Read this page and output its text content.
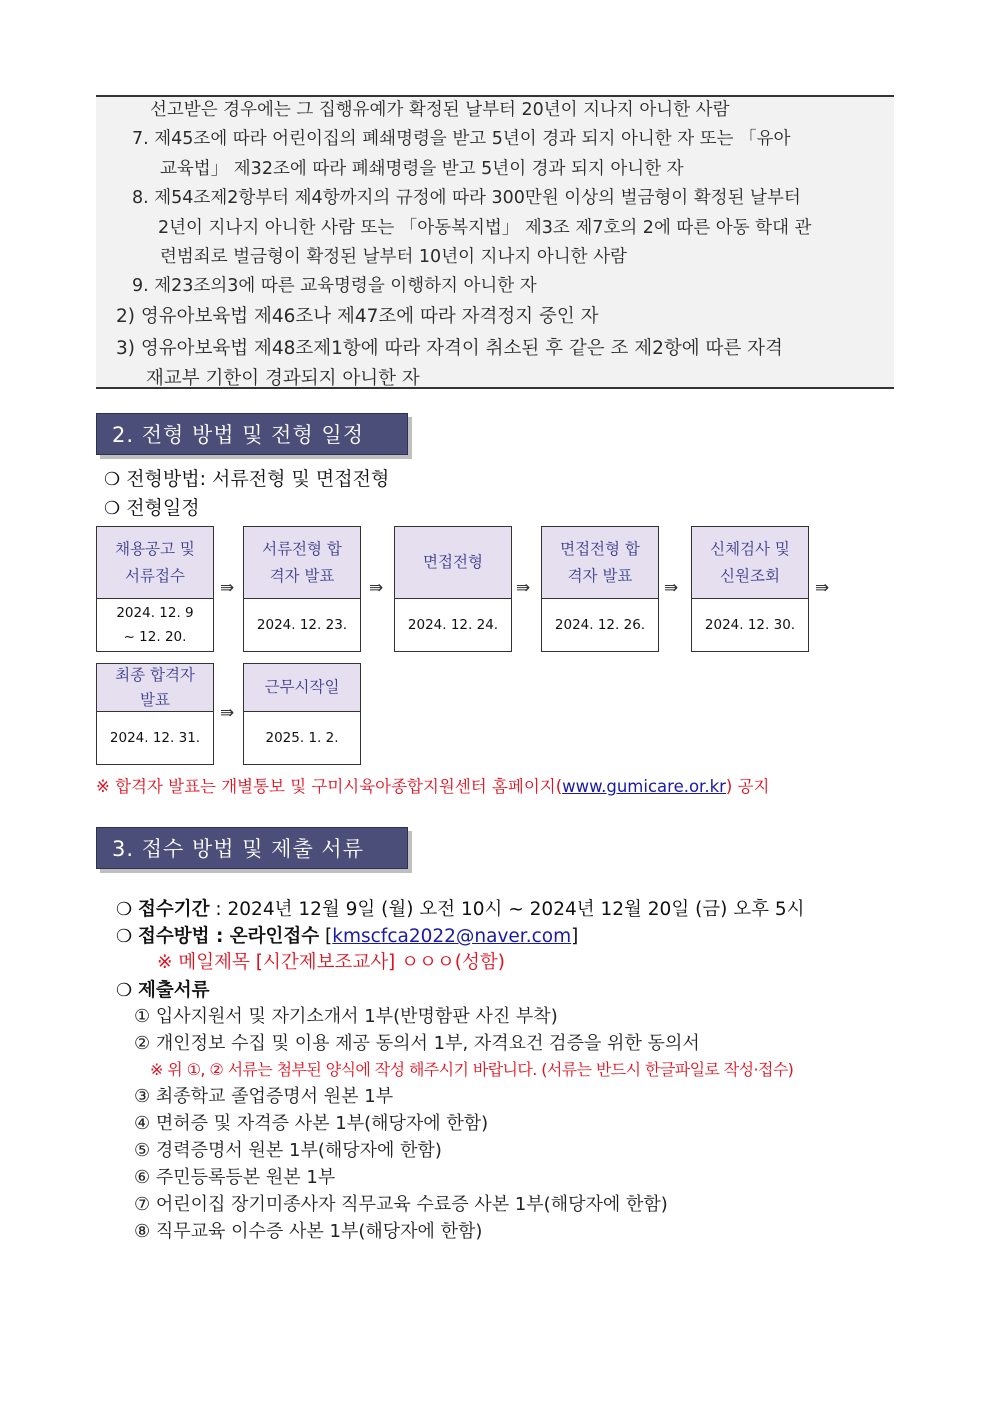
선고받은 경우에는 그 집행유예가 확정된 날부터 20년이 지나지 아니한 사람
7. 제45조에 따라 어린이집의 폐쇄명령을 받고 5년이 경과 되지 아니한 자 또는 「유아
교육법」 제32조에 따라 폐쇄명령을 받고 5년이 경과 되지 아니한 자
8. 제54조제2항부터 제4항까지의 규정에 따라 300만원 이상의 벌금형이 확정된 날부터
2년이 지나지 아니한 사람 또는 「아동복지법」 제3조 제7호의 2에 따른 아동 학대 관
련범죄로 벌금형이 확정된 날부터 10년이 지나지 아니한 사람
9. 제23조의3에 따른 교육명령을 이행하지 아니한 자
2) 영유아보육법 제46조나 제47조에 따라 자격정지 중인 자
3) 영유아보육법 제48조제1항에 따라 자격이 취소된 후 같은 조 제2항에 따른 자격
재교부 기한이 경과되지 아니한 자
2. 전형 방법 및 전형 일정
❍ 전형방법: 서류전형 및 면접전형
❍ 전형일정
채용공고 및 서류접수
2024. 12. 9 ~ 12. 20.
⇛
서류전형 합격자 발표
2024. 12. 23.
⇛
면접전형
2024. 12. 24.
⇛
면접전형 합격자 발표
2024. 12. 26.
⇛
신체검사 및 신원조회
2024. 12. 30.
⇛
최종 합격자 발표
2024. 12. 31.
⇛
근무시작일
2025. 1. 2.
※ 합격자 발표는 개별통보 및 구미시육아종합지원센터 홈페이지(www.gumicare.or.kr) 공지
3. 접수 방법 및 제출 서류
❍ 접수기간 : 2024년 12월 9일 (월) 오전 10시 ~ 2024년 12월 20일 (금) 오후 5시
❍ 접수방법 : 온라인접수 [kmscfca2022@naver.com]
※ 메일제목 [시간제보조교사] ㅇㅇㅇ(성함)
❍ 제출서류
① 입사지원서 및 자기소개서 1부(반명함판 사진 부착)
② 개인정보 수집 및 이용 제공 동의서 1부, 자격요건 검증을 위한 동의서
※ 위 ①, ② 서류는 첨부된 양식에 작성 해주시기 바랍니다. (서류는 반드시 한글파일로 작성·접수)
③ 최종학교 졸업증명서 원본 1부
④ 면허증 및 자격증 사본 1부(해당자에 한함)
⑤ 경력증명서 원본 1부(해당자에 한함)
⑥ 주민등록등본 원본 1부
⑦ 어린이집 장기미종사자 직무교육 수료증 사본 1부(해당자에 한함)
⑧ 직무교육 이수증 사본 1부(해당자에 한함)
